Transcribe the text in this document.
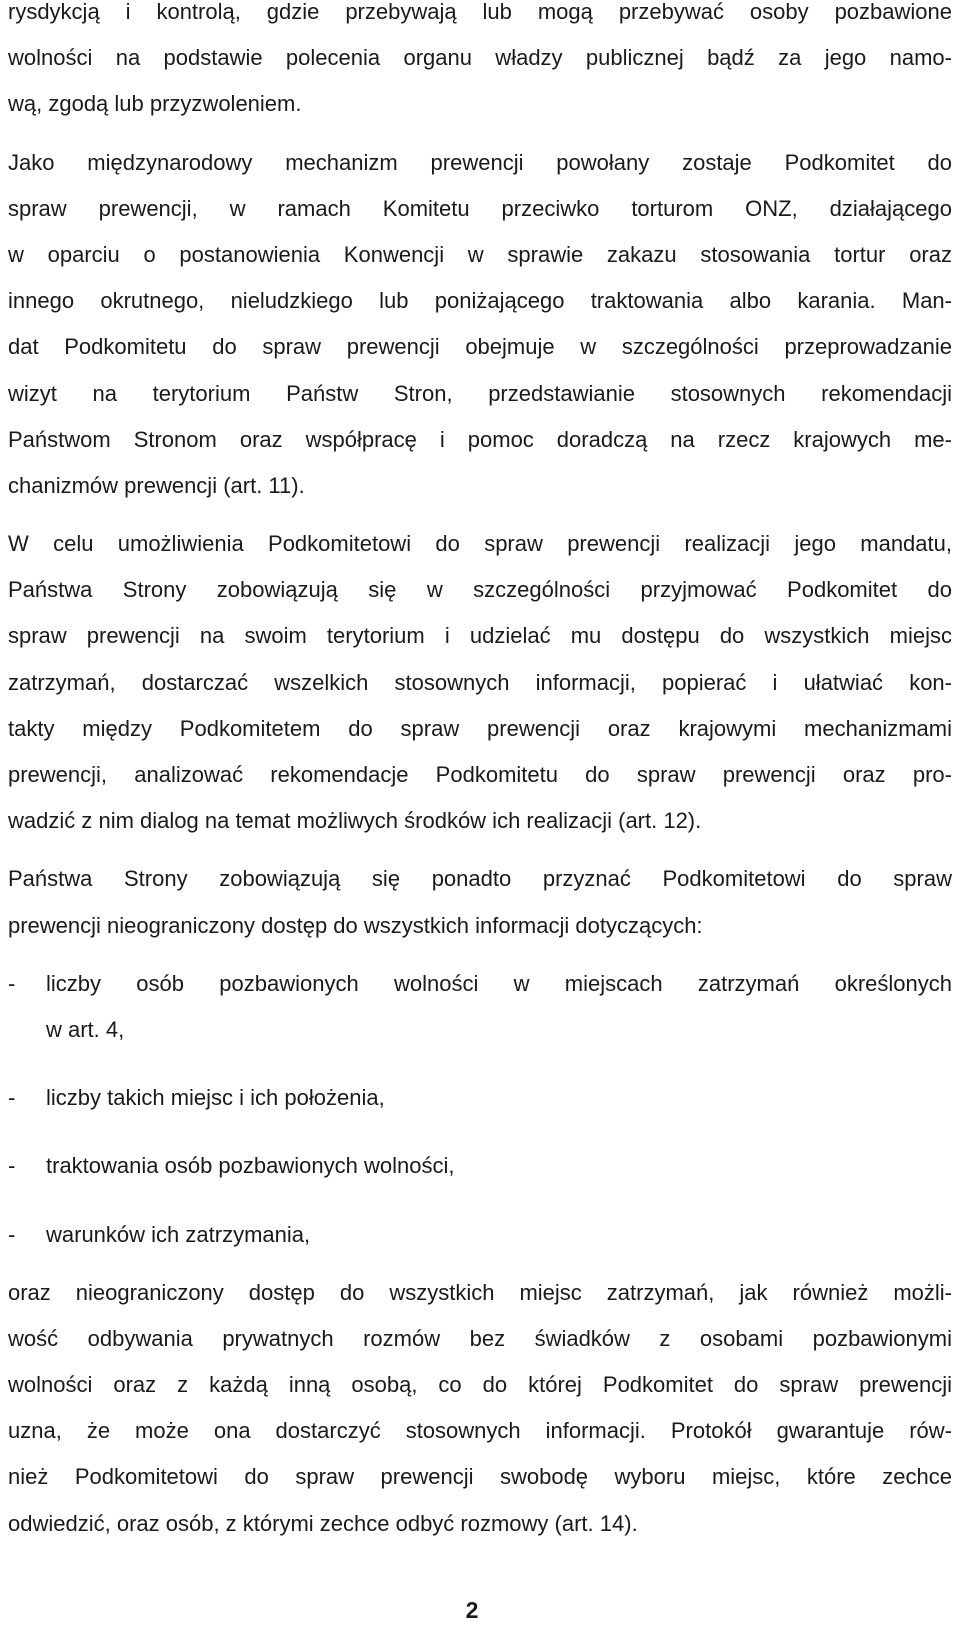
rysdykcją i kontrolą, gdzie przebywają lub mogą przebywać osoby pozbawione
wolności na podstawie polecenia organu władzy publicznej bądź za jego namo-
wą, zgodą lub przyzwoleniem.
Jako międzynarodowy mechanizm prewencji powołany zostaje Podkomitet do
spraw prewencji, w ramach Komitetu przeciwko torturom ONZ, działającego
w oparciu o postanowienia Konwencji w sprawie zakazu stosowania tortur oraz
innego okrutnego, nieludzkiego lub poniżającego traktowania albo karania. Man-
dat Podkomitetu do spraw prewencji obejmuje w szczególności przeprowadzanie
wizyt na terytorium Państw Stron, przedstawianie stosownych rekomendacji
Państwom Stronom oraz współpracę i pomoc doradczą na rzecz krajowych me-
chanizmów prewencji (art. 11).
W celu umożliwienia Podkomitetowi do spraw prewencji realizacji jego mandatu,
Państwa Strony zobowiązują się w szczególności przyjmować Podkomitet do
spraw prewencji na swoim terytorium i udzielać mu dostępu do wszystkich miejsc
zatrzymań, dostarczać wszelkich stosownych informacji, popierać i ułatwiać kon-
takty między Podkomitetem do spraw prewencji oraz krajowymi mechanizmami
prewencji, analizować rekomendacje Podkomitetu do spraw prewencji oraz pro-
wadzić z nim dialog na temat możliwych środków ich realizacji (art. 12).
Państwa Strony zobowiązują się ponadto przyznać Podkomitetowi do spraw
prewencji nieograniczony dostęp do wszystkich informacji dotyczących:
- liczby osób pozbawionych wolności w miejscach zatrzymań określonych
w art. 4,
- liczby takich miejsc i ich położenia,
- traktowania osób pozbawionych wolności,
- warunków ich zatrzymania,
oraz nieograniczony dostęp do wszystkich miejsc zatrzymań, jak również możli-
wość odbywania prywatnych rozmów bez świadków z osobami pozbawionymi
wolności oraz z każdą inną osobą, co do której Podkomitet do spraw prewencji
uzna, że może ona dostarczyć stosownych informacji. Protokół gwarantuje rów-
nież Podkomitetowi do spraw prewencji swobodę wyboru miejsc, które zechce
odwiedzić, oraz osób, z którymi zechce odbyć rozmowy (art. 14).
2
